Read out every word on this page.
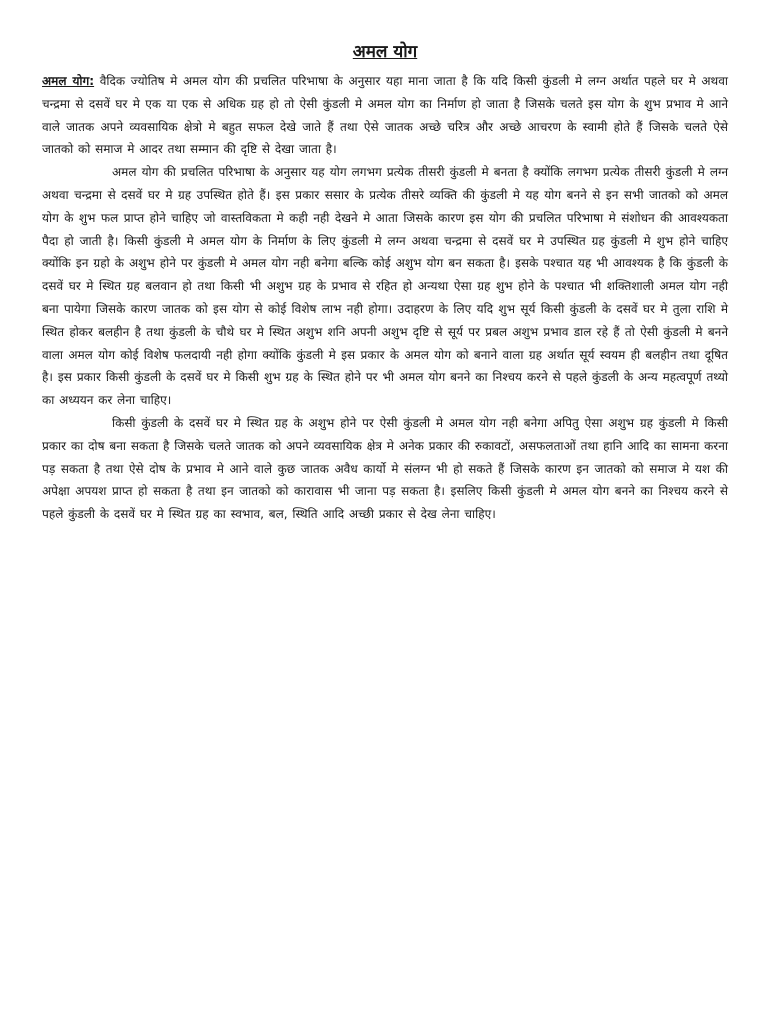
अमल योग

अमल योग: वैदिक ज्योतिष मे अमल योग की प्रचलित परिभाषा के अनुसार यहा माना जाता है कि यदि किसी कुंडली मे लग्न अर्थात पहले घर मे अथवा चन्द्रमा से दसवें घर मे एक या एक से अधिक ग्रह हो तो ऐसी कुंडली मे अमल योग का निर्माण हो जाता है जिसके चलते इस योग के शुभ प्रभाव मे आने वाले जातक अपने व्यवसायिक क्षेत्रो मे बहुत सफल देखे जाते हैं तथा ऐसे जातक अच्छे चरित्र और अच्छे आचरण के स्वामी होते हैं जिसके चलते ऐसे जातको को समाज मे आदर तथा सम्मान की दृष्टि से देखा जाता है।

अमल योग की प्रचलित परिभाषा के अनुसार यह योग लगभग प्रत्येक तीसरी कुंडली मे बनता है क्योंकि लगभग प्रत्येक तीसरी कुंडली मे लग्न अथवा चन्द्रमा से दसवें घर मे ग्रह उपस्थित होते हैं। इस प्रकार ससार के प्रत्येक तीसरे व्यक्ति की कुंडली मे यह योग बनने से इन सभी जातको को अमल योग के शुभ फल प्राप्त होने चाहिए जो वास्तविकता मे कही नही देखने मे आता जिसके कारण इस योग की प्रचलित परिभाषा मे संशोधन की आवश्यकता पैदा हो जाती है। किसी कुंडली मे अमल योग के निर्माण के लिए कुंडली मे लग्न अथवा चन्द्रमा से दसवें घर मे उपस्थित ग्रह कुंडली मे शुभ होने चाहिए क्योंकि इन ग्रहो के अशुभ होने पर कुंडली मे अमल योग नही बनेगा बल्कि कोई अशुभ योग बन सकता है। इसके पश्चात यह भी आवश्यक है कि कुंडली के दसवें घर मे स्थित ग्रह बलवान हो तथा किसी भी अशुभ ग्रह के प्रभाव से रहित हो अन्यथा ऐसा ग्रह शुभ होने के पश्चात भी शक्तिशाली अमल योग नही बना पायेगा जिसके कारण जातक को इस योग से कोई विशेष लाभ नही होगा। उदाहरण के लिए यदि शुभ सूर्य किसी कुंडली के दसवें घर मे तुला राशि मे स्थित होकर बलहीन है तथा कुंडली के चौथे घर मे स्थित अशुभ शनि अपनी अशुभ दृष्टि से सूर्य पर प्रबल अशुभ प्रभाव डाल रहे हैं तो ऐसी कुंडली मे बनने वाला अमल योग कोई विशेष फलदायी नही होगा क्योंकि कुंडली मे इस प्रकार के अमल योग को बनाने वाला ग्रह अर्थात सूर्य स्वयम ही बलहीन तथा दूषित है। इस प्रकार किसी कुंडली के दसवें घर मे किसी शुभ ग्रह के स्थित होने पर भी अमल योग बनने का निश्चय करने से पहले कुंडली के अन्य महत्वपूर्ण तथ्यो का अध्ययन कर लेना चाहिए।

किसी कुंडली के दसवें घर मे स्थित ग्रह के अशुभ होने पर ऐसी कुंडली मे अमल योग नही बनेगा अपितु ऐसा अशुभ ग्रह कुंडली मे किसी प्रकार का दोष बना सकता है जिसके चलते जातक को अपने व्यवसायिक क्षेत्र मे अनेक प्रकार की रुकावटों, असफलताओं तथा हानि आदि का सामना करना पड़ सकता है तथा ऐसे दोष के प्रभाव मे आने वाले कुछ जातक अवैध कार्यो मे संलग्न भी हो सकते हैं जिसके कारण इन जातको को समाज मे यश की अपेक्षा अपयश प्राप्त हो सकता है तथा इन जातको को कारावास भी जाना पड़ सकता है। इसलिए किसी कुंडली मे अमल योग बनने का निश्चय करने से पहले कुंडली के दसवें घर मे स्थित ग्रह का स्वभाव, बल, स्थिति आदि अच्छी प्रकार से देख लेना चाहिए।
